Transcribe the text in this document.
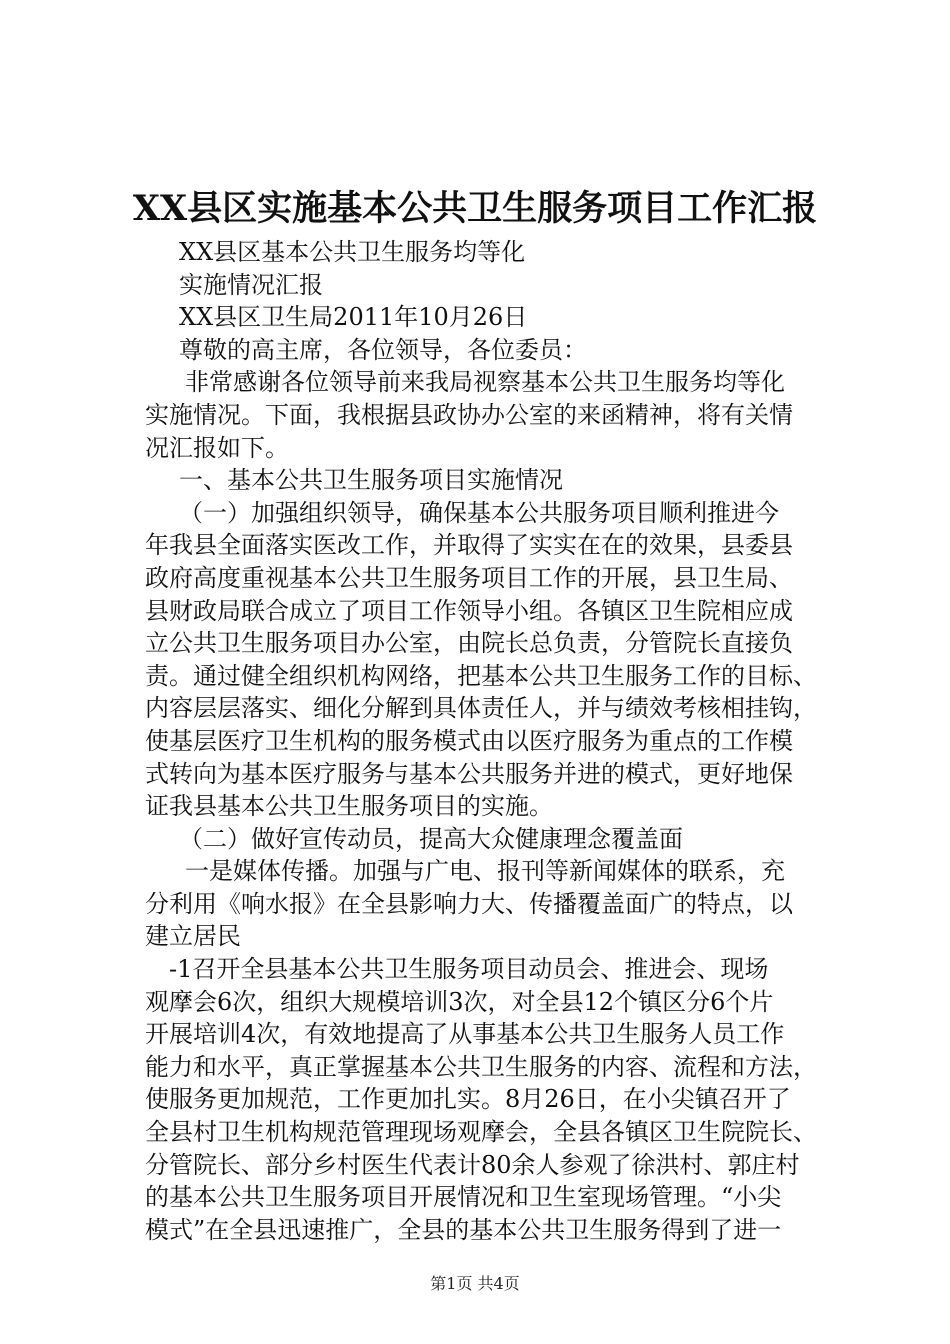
XX县区实施基本公共卫生服务项目工作汇报
XX县区基本公共卫生服务均等化
实施情况汇报
XX县区卫生局2011年10月26日
尊敬的高主席，各位领导，各位委员：
非常感谢各位领导前来我局视察基本公共卫生服务均等化
实施情况。下面，我根据县政协办公室的来函精神，将有关情
况汇报如下。
一、基本公共卫生服务项目实施情况
（一）加强组织领导，确保基本公共服务项目顺利推进今
年我县全面落实医改工作，并取得了实实在在的效果，县委县
政府高度重视基本公共卫生服务项目工作的开展，县卫生局、
县财政局联合成立了项目工作领导小组。各镇区卫生院相应成
立公共卫生服务项目办公室，由院长总负责，分管院长直接负
责。通过健全组织机构网络，把基本公共卫生服务工作的目标、
内容层层落实、细化分解到具体责任人，并与绩效考核相挂钩，
使基层医疗卫生机构的服务模式由以医疗服务为重点的工作模
式转向为基本医疗服务与基本公共服务并进的模式，更好地保
证我县基本公共卫生服务项目的实施。
（二）做好宣传动员，提高大众健康理念覆盖面
一是媒体传播。加强与广电、报刊等新闻媒体的联系，充
分利用《响水报》在全县影响力大、传播覆盖面广的特点，以
建立居民
-1召开全县基本公共卫生服务项目动员会、推进会、现场
观摩会6次，组织大规模培训3次，对全县12个镇区分6个片
开展培训4次，有效地提高了从事基本公共卫生服务人员工作
能力和水平，真正掌握基本公共卫生服务的内容、流程和方法，
使服务更加规范，工作更加扎实。8月26日，在小尖镇召开了
全县村卫生机构规范管理现场观摩会，全县各镇区卫生院院长、
分管院长、部分乡村医生代表计80余人参观了徐洪村、郭庄村
的基本公共卫生服务项目开展情况和卫生室现场管理。“小尖
模式”在全县迅速推广，全县的基本公共卫生服务得到了进一
第1页 共4页
